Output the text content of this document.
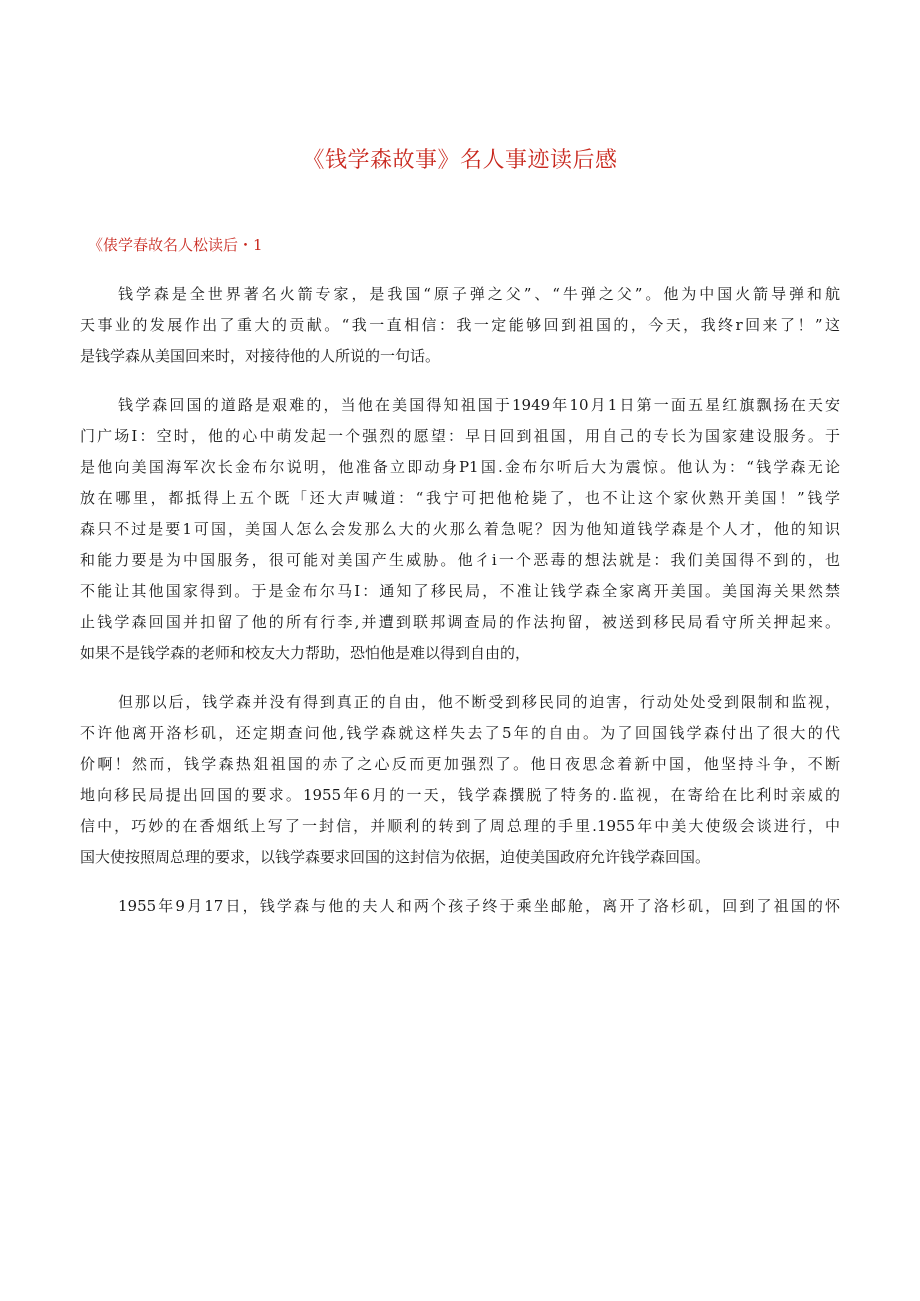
《钱学森故事》名人事迹读后感
《俵学春故名人松读后・1
钱学森是全世界著名火箭专家，是我国“原子弹之父”、“牛弹之父”。他为中国火箭导弹和航
天事业的发展作出了重大的贡献。“我一直相信：我一定能够回到祖国的，今天，我终r回来了！”这
是钱学森从美国回来时，对接待他的人所说的一句话。
钱学森回国的道路是艰难的，当他在美国得知祖国于1949年10月1日第一面五星红旗飘扬在天安
门广场I：空时，他的心中萌发起一个强烈的愿望：早日回到祖国，用自己的专长为国家建设服务。于
是他向美国海军次长金布尔说明，他准备立即动身P1国.金布尔听后大为震惊。他认为：“钱学森无论
放在哪里，都抵得上五个既「还大声喊道：“我宁可把他枪毙了，也不让这个家伙熟开美国！”钱学
森只不过是要1可国，美国人怎么会发那么大的火那么着急呢？因为他知道钱学森是个人才，他的知识
和能力要是为中国服务，很可能对美国产生威胁。他彳i一个恶毒的想法就是：我们美国得不到的，也
不能让其他国家得到。于是金布尔马I：通知了移民局，不准让钱学森全家离开美国。美国海关果然禁
止钱学森回国并扣留了他的所有行李,并遭到联邦调查局的作法拘留，被送到移民局看守所关押起来。
如果不是钱学森的老师和校友大力帮助，恐怕他是难以得到自由的，
但那以后，钱学森并没有得到真正的自由，他不断受到移民同的迫害，行动处处受到限制和监视，
不许他离开洛杉矶，还定期查问他,钱学森就这样失去了5年的自由。为了回国钱学森付出了很大的代
价啊！然而，钱学森热爼祖国的赤了之心反而更加强烈了。他日夜思念着新中国，他坚持斗争，不断
地向移民局提出回国的要求。1955年6月的一天，钱学森撰脱了特务的.监视，在寄给在比利时亲威的
信中，巧妙的在香烟纸上写了一封信，并顺利的转到了周总理的手里.1955年中美大使级会谈进行，中
国大使按照周总理的要求，以钱学森要求回国的这封信为依据，迫使美国政府允许钱学森回国。
1955年9月17日，钱学森与他的夫人和两个孩子终于乘坐邮舱，离开了洛杉矶，回到了祖国的怀
